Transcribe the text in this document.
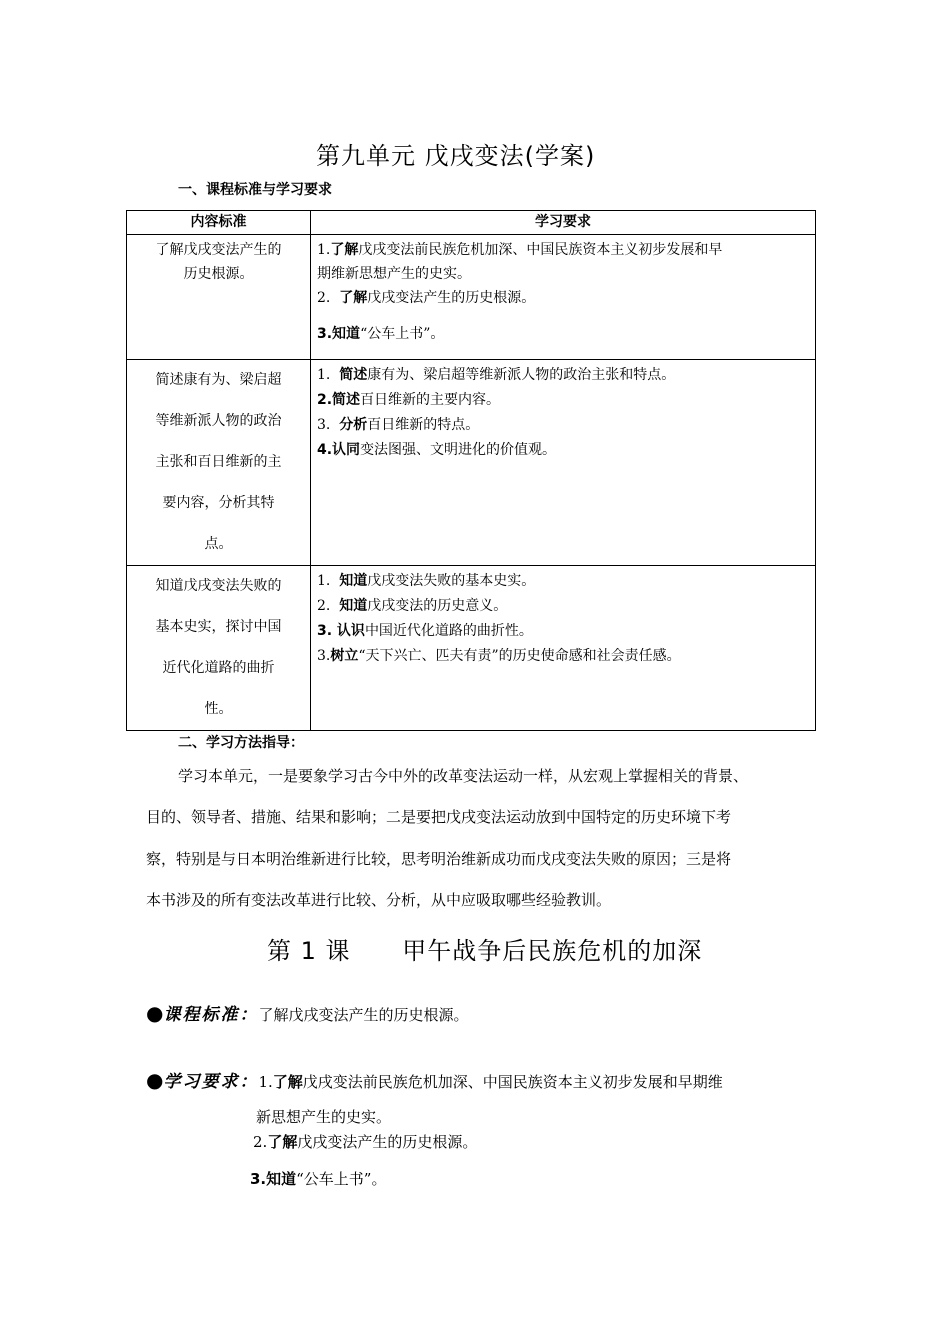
第九单元 戊戌变法(学案)
一、课程标准与学习要求
内容标准	学习要求

了解戊戌变法产生的
历史根源。	1.了解戊戌变法前民族危机加深、中国民族资本主义初步发展和早
期维新思想产生的史实。
2.  了解戊戌变法产生的历史根源。
3.知道“公车上书”。

简述康有为、梁启超
等维新派人物的政治
主张和百日维新的主
要内容，分析其特
点。	1.  简述康有为、梁启超等维新派人物的政治主张和特点。
2.简述百日维新的主要内容。
3.  分析百日维新的特点。
4.认同变法图强、文明进化的价值观。

知道戊戌变法失败的
基本史实，探讨中国
近代化道路的曲折
性。	1.  知道戊戌变法失败的基本史实。
2.  知道戊戌变法的历史意义。
3. 认识中国近代化道路的曲折性。
3.树立“天下兴亡、匹夫有责”的历史使命感和社会责任感。
二、学习方法指导：
学习本单元，一是要象学习古今中外的改革变法运动一样，从宏观上掌握相关的背景、
目的、领导者、措施、结果和影响；二是要把戊戌变法运动放到中国特定的历史环境下考
察，特别是与日本明治维新进行比较，思考明治维新成功而戊戌变法失败的原因；三是将
本书涉及的所有变法改革进行比较、分析，从中应吸取哪些经验教训。
第 1 课      甲午战争后民族危机的加深
●课程标准：了解戊戌变法产生的历史根源。
●学习要求：1.了解戊戌变法前民族危机加深、中国民族资本主义初步发展和早期维
新思想产生的史实。
2.了解戊戌变法产生的历史根源。
3.知道“公车上书”。
